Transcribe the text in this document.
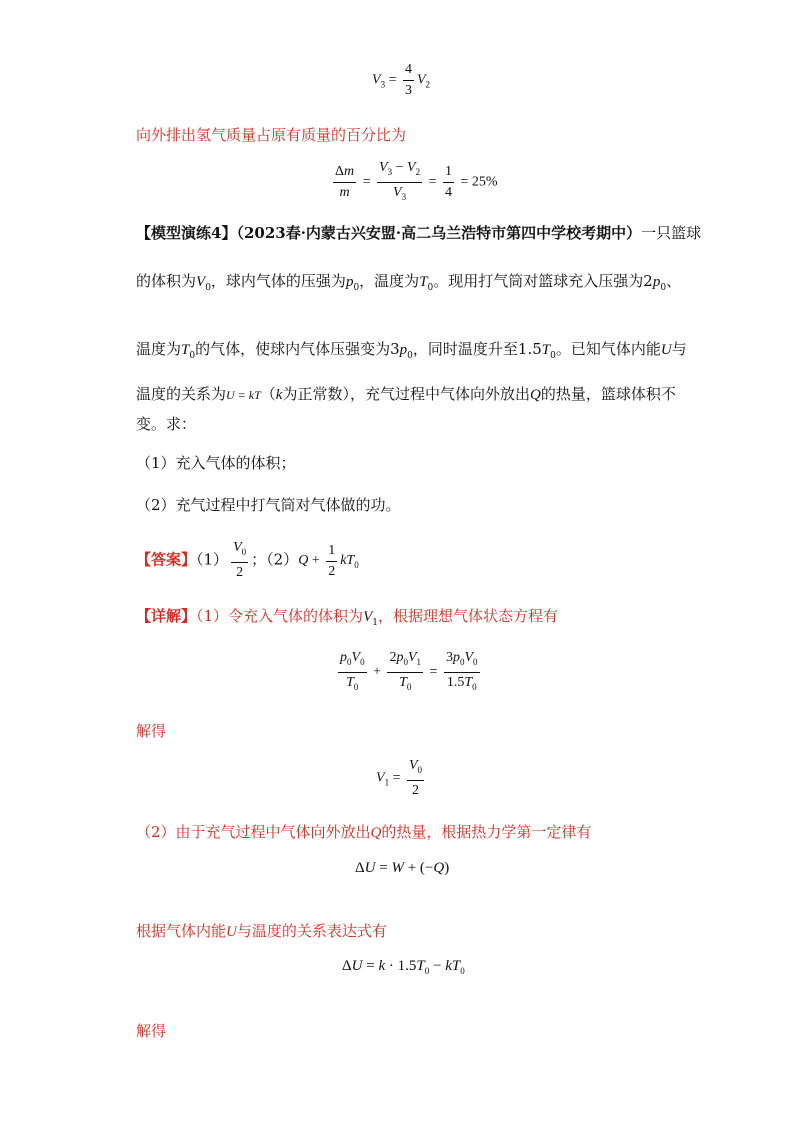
$V_3 = \frac{4}{3} V_2$
向外排出氢气质量占原有质量的百分比为
$\frac{\Delta m}{m} = \frac{V_3 - V_2}{V_3} = \frac{1}{4} = 25\%$
【模型演练4】（2023春·内蒙古兴安盟·高二乌兰浩特市第四中学校考期中）一只篮球
的体积为$V_0$，球内气体的压强为$p_0$，温度为$T_0$。现用打气筒对篮球充入压强为$2p_0$、
温度为$T_0$的气体，使球内气体压强变为$3p_0$，同时温度升至$1.5T_0$。已知气体内能U与
温度的关系为U = kT（k为正常数），充气过程中气体向外放出Q的热量，篮球体积不
变。求：
（1）充入气体的体积；
（2）充气过程中打气筒对气体做的功。
【答案】$(1) \frac{V_0}{2}$ ；$(2)Q + \frac{1}{2} kT_0$
【详解】（1）令充入气体的体积为$V_1$，根据理想气体状态方程有
$\frac{p_0V_0}{T_0} + \frac{2p_0V_1}{T_0} = \frac{3p_0V_0}{1.5T_0}$
解得
$V_1 = \frac{V_0}{2}$
（2）由于充气过程中气体向外放出Q的热量，根据热力学第一定律有
ΔU = W + (−Q)
根据气体内能U与温度的关系表达式有
$\Delta U = k \cdot 1.5T_0 - kT_0$
解得
